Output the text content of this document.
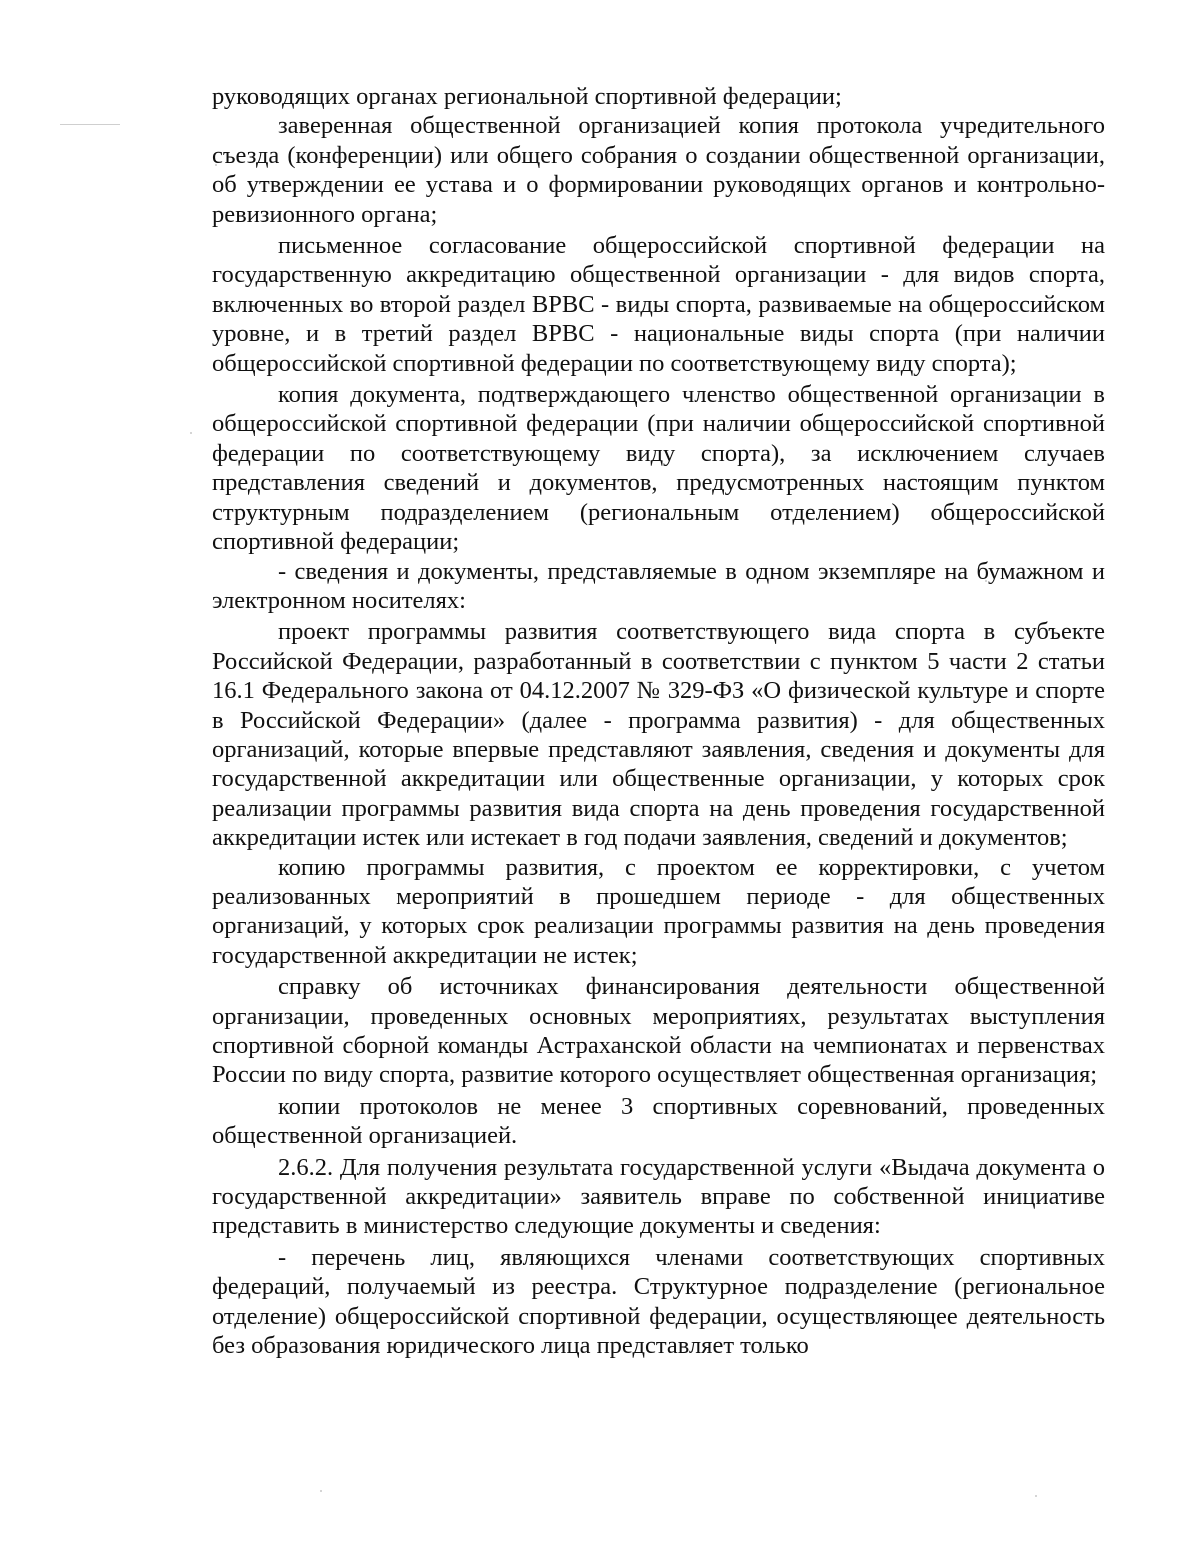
руководящих органах региональной спортивной федерации;

заверенная общественной организацией копия протокола учредительного съезда (конференции) или общего собрания о создании общественной организации, об утверждении ее устава и о формировании руководящих органов и контрольно-ревизионного органа;

письменное согласование общероссийской спортивной федерации на государственную аккредитацию общественной организации - для видов спорта, включенных во второй раздел ВРВС - виды спорта, развиваемые на общероссийском уровне, и в третий раздел ВРВС - национальные виды спорта (при наличии общероссийской спортивной федерации по соответствующему виду спорта);

копия документа, подтверждающего членство общественной организации в общероссийской спортивной федерации (при наличии общероссийской спортивной федерации по соответствующему виду спорта), за исключением случаев представления сведений и документов, предусмотренных настоящим пунктом структурным подразделением (региональным отделением) общероссийской спортивной федерации;

- сведения и документы, представляемые в одном экземпляре на бумажном и электронном носителях:

проект программы развития соответствующего вида спорта в субъекте Российской Федерации, разработанный в соответствии с пунктом 5 части 2 статьи 16.1 Федерального закона от 04.12.2007 № 329-ФЗ «О физической культуре и спорте в Российской Федерации» (далее - программа развития) - для общественных организаций, которые впервые представляют заявления, сведения и документы для государственной аккредитации или общественные организации, у которых срок реализации программы развития вида спорта на день проведения государственной аккредитации истек или истекает в год подачи заявления, сведений и документов;

копию программы развития, с проектом ее корректировки, с учетом реализованных мероприятий в прошедшем периоде - для общественных организаций, у которых срок реализации программы развития на день проведения государственной аккредитации не истек;

справку об источниках финансирования деятельности общественной организации, проведенных основных мероприятиях, результатах выступления спортивной сборной команды Астраханской области на чемпионатах и первенствах России по виду спорта, развитие которого осуществляет общественная организация;

копии протоколов не менее 3 спортивных соревнований, проведенных общественной организацией.

2.6.2. Для получения результата государственной услуги «Выдача документа о государственной аккредитации» заявитель вправе по собственной инициативе представить в министерство следующие документы и сведения:

- перечень лиц, являющихся членами соответствующих спортивных федераций, получаемый из реестра. Структурное подразделение (региональное отделение) общероссийской спортивной федерации, осуществляющее деятельность без образования юридического лица представляет только
